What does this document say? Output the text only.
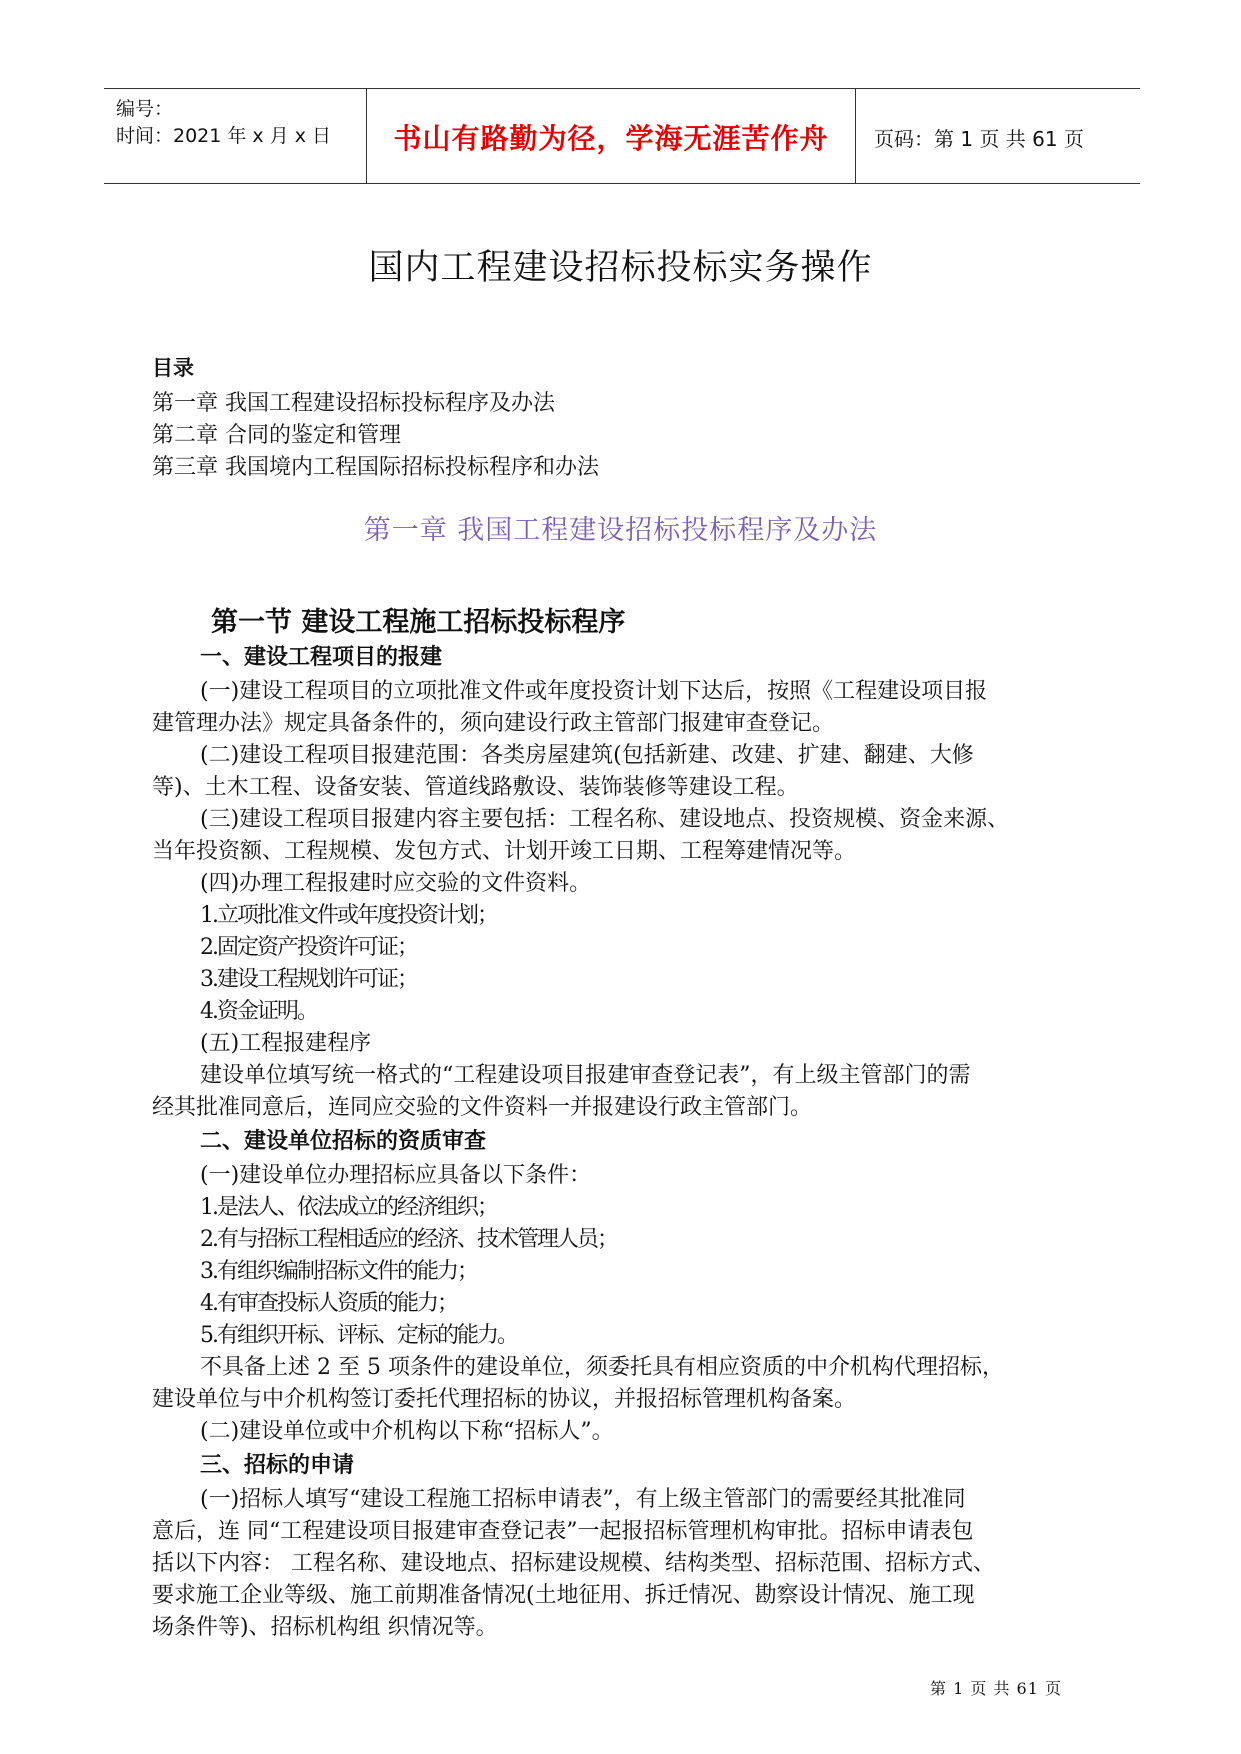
编号：
时间：2021 年 x 月 x 日	书山有路勤为径，学海无涯苦作舟	页码：第 1 页 共 61 页
国内工程建设招标投标实务操作
目录
第一章 我国工程建设招标投标程序及办法
第二章 合同的鉴定和管理
第三章 我国境内工程国际招标投标程序和办法
第一章 我国工程建设招标投标程序及办法
第一节 建设工程施工招标投标程序
一、建设工程项目的报建
(一)建设工程项目的立项批准文件或年度投资计划下达后，按照《工程建设项目报
建管理办法》规定具备条件的，须向建设行政主管部门报建审查登记。
(二)建设工程项目报建范围：各类房屋建筑(包括新建、改建、扩建、翻建、大修
等)、土木工程、设备安装、管道线路敷设、装饰装修等建设工程。
(三)建设工程项目报建内容主要包括：工程名称、建设地点、投资规模、资金来源、
当年投资额、工程规模、发包方式、计划开竣工日期、工程筹建情况等。
(四)办理工程报建时应交验的文件资料。
1.立项批准文件或年度投资计划；
2.固定资产投资许可证；
3.建设工程规划许可证；
4.资金证明。
(五)工程报建程序
建设单位填写统一格式的“工程建设项目报建审查登记表”，有上级主管部门的需
经其批准同意后，连同应交验的文件资料一并报建设行政主管部门。
二、建设单位招标的资质审查
(一)建设单位办理招标应具备以下条件：
1.是法人、依法成立的经济组织；
2.有与招标工程相适应的经济、技术管理人员；
3.有组织编制招标文件的能力；
4.有审查投标人资质的能力；
5.有组织开标、评标、定标的能力。
不具备上述 2 至 5 项条件的建设单位，须委托具有相应资质的中介机构代理招标，
建设单位与中介机构签订委托代理招标的协议，并报招标管理机构备案。
(二)建设单位或中介机构以下称“招标人”。
三、招标的申请
(一)招标人填写“建设工程施工招标申请表”，有上级主管部门的需要经其批准同
意后，连 同“工程建设项目报建审查登记表”一起报招标管理机构审批。招标申请表包
括以下内容： 工程名称、建设地点、招标建设规模、结构类型、招标范围、招标方式、
要求施工企业等级、施工前期准备情况(土地征用、拆迁情况、勘察设计情况、施工现
场条件等)、招标机构组 织情况等。
第 1 页 共 61 页
